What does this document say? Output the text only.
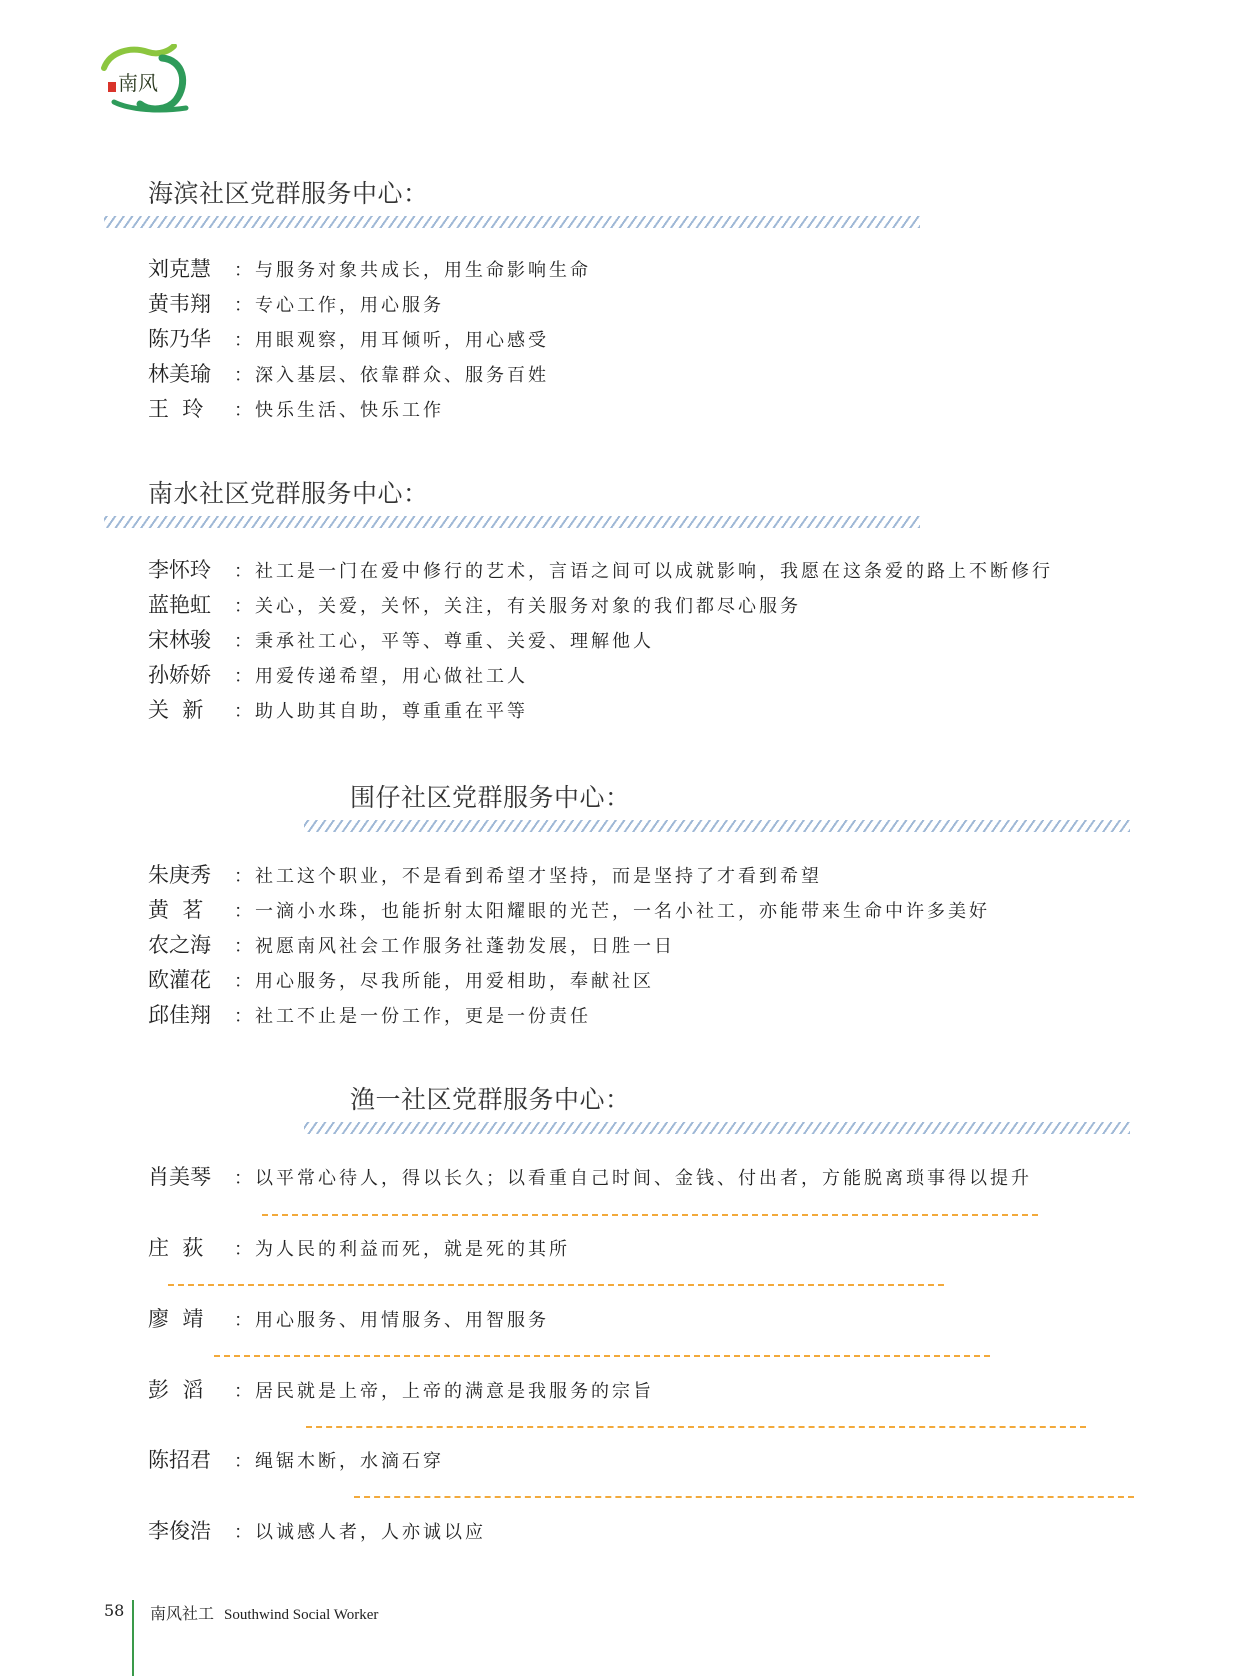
南风
海滨社区党群服务中心：
刘克慧 ：与服务对象共成长，用生命影响生命
黄韦翔 ：专心工作，用心服务
陈乃华 ：用眼观察，用耳倾听，用心感受
林美瑜 ：深入基层、依靠群众、服务百姓
王  玲 ：快乐生活、快乐工作
南水社区党群服务中心：
李怀玲 ：社工是一门在爱中修行的艺术，言语之间可以成就影响，我愿在这条爱的路上不断修行
蓝艳虹 ：关心，关爱，关怀，关注，有关服务对象的我们都尽心服务
宋林骏 ：秉承社工心，平等、尊重、关爱、理解他人
孙娇娇 ：用爱传递希望，用心做社工人
关  新 ：助人助其自助，尊重重在平等
围仔社区党群服务中心：
朱庚秀 ：社工这个职业，不是看到希望才坚持，而是坚持了才看到希望
黄  茗 ：一滴小水珠，也能折射太阳耀眼的光芒，一名小社工，亦能带来生命中许多美好
农之海 ：祝愿南风社会工作服务社蓬勃发展，日胜一日
欧灌花 ：用心服务，尽我所能，用爱相助，奉献社区
邱佳翔 ：社工不止是一份工作，更是一份责任
渔一社区党群服务中心：
肖美琴 ：以平常心待人，得以长久；以看重自己时间、金钱、付出者，方能脱离琐事得以提升
庄  荻 ：为人民的利益而死，就是死的其所
廖  靖 ：用心服务、用情服务、用智服务
彭  滔 ：居民就是上帝，上帝的满意是我服务的宗旨
陈招君 ：绳锯木断，水滴石穿
李俊浩 ：以诚感人者，人亦诚以应
58 南风社工 Southwind Social Worker
